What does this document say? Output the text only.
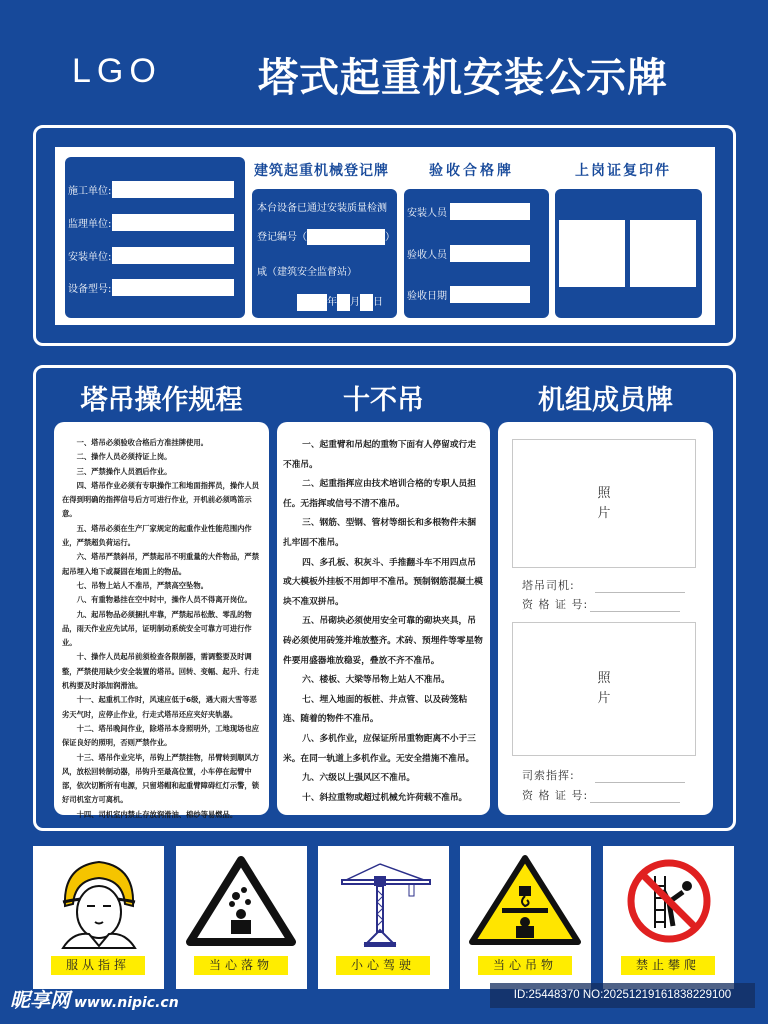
LGO 塔式起重机安装公示牌
施工单位:
监理单位:
安装单位:
设备型号:
建筑起重机械登记牌
本台设备已通过安装质量检测
登记编号（	）
咸（建筑安全监督站）
年 月 日
验收合格牌
安装人员
验收人员
验收日期
上岗证复印件
塔吊操作规程	十不吊	机组成员牌

一、塔吊必须验收合格后方准挂牌使用。

二、操作人员必须持证上岗。

三、严禁操作人员酒后作业。

四、塔吊作业必须有专职操作工和地面指挥员，操作人员在得到明确的指挥信号后方可进行作业，开机前必须鸣笛示意。

五、塔吊必须在生产厂家规定的起重作业性能范围内作业，严禁超负荷运行。

六、塔吊严禁斜吊，严禁起吊不明重量的大件物品，严禁起吊埋入地下或凝固在地面上的物品。

七、吊物上站人不准吊，严禁高空坠物。

八、有重物悬挂在空中时中，操作人员不得离开岗位。

九、起吊物品必须捆扎牢靠，严禁起吊松散、零乱的物品，雨天作业应先试吊，证明制动系统安全可靠方可进行作业。

十、操作人员起吊前须检查各限制器，需调整要及时调整，严禁使用缺少安全装置的塔吊。回转、变幅、起升、行走机构要及时添加润滑油。

十一、起重机工作时，风速应低于6级，遇大雨大雪等恶劣天气时，应停止作业，行走式塔吊还应夹好夹轨器。

十二、塔吊晚间作业，除塔吊本身照明外，工地现场也应保证良好的照明，否则严禁作业。

十三、塔吊作业完毕，吊钩上严禁挂物，吊臂转到顺风方风，放松回转制动器，吊钩升至最高位置，小车停在起臂中部，依次切断所有电源，只留塔帽和起重臂障碍红灯示警，锁好司机室方可离机。

十四、司机室内禁止存放润滑油、棉纱等易燃品。

一、起重臂和吊起的重物下面有人停留或行走不准吊。

二、起重指挥应由技术培训合格的专职人员担任。无指挥或信号不清不准吊。

三、钢筋、型钢、管材等细长和多根物件未捆扎牢固不准吊。

四、多孔板、积灰斗、手推翻斗车不用四点吊或大模板外挂板不用卸甲不准吊。预制钢筋混凝土模块不准双拼吊。

五、吊砌块必须使用安全可靠的砌块夹具，吊砖必须使用砖笼并堆放整齐。术砖、预埋件等零星物件要用盛器堆放稳妥，叠放不齐不准吊。

六、楼板、大梁等吊物上站人不准吊。

七、埋入地面的板桩、井点管、以及砖笼粘连、随着的物件不准吊。

八、多机作业，应保证所吊重物距离不小于三米。在同一轨道上多机作业。无安全措施不准吊。

九、六级以上强风区不准吊。

十、斜拉重物或超过机械允许荷载不准吊。

照
片
塔吊司机:
资 格 证 号:
照
片
司索指挥:
资 格 证 号:
服从指挥	当心落物	小心驾驶	当心吊物	禁止攀爬
昵享网 www.nipic.cn	ID:25448370 NO:20251219161838229100
